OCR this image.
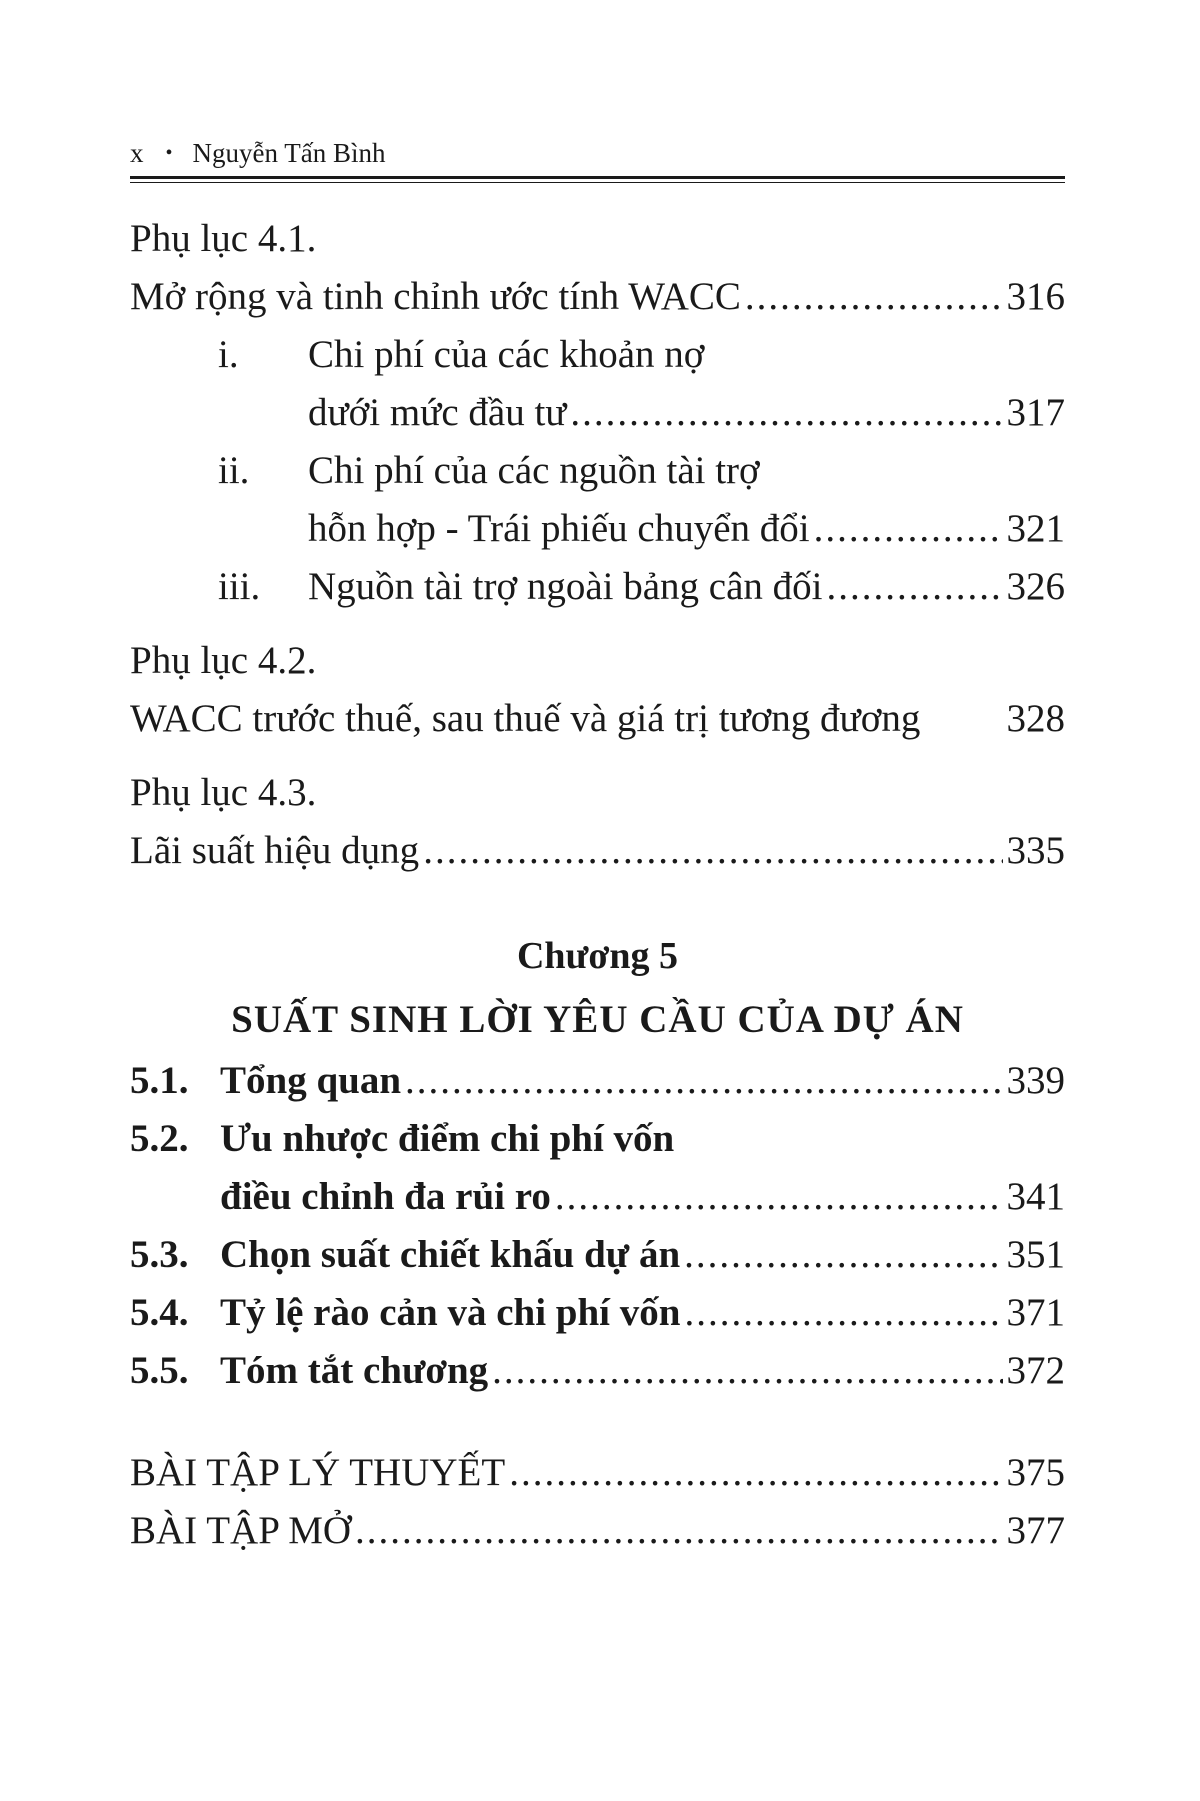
x • Nguyễn Tấn Bình
Phụ lục 4.1.
Mở rộng và tinh chỉnh ước tính WACC .....	316
i.	Chi phí của các khoản nợ
dưới mức đầu tư .....	317
ii.	Chi phí của các nguồn tài trợ
hỗn hợp - Trái phiếu chuyển đổi .....	321
iii.	Nguồn tài trợ ngoài bảng cân đối .....	326
Phụ lục 4.2.
WACC trước thuế, sau thuế và giá trị tương đương 328
Phụ lục 4.3.
Lãi suất hiệu dụng .....	335
Chương 5
SUẤT SINH LỜI YÊU CẦU CỦA DỰ ÁN
5.1. Tổng quan .....	339
5.2. Ưu nhược điểm chi phí vốn
điều chỉnh đa rủi ro .....	341
5.3. Chọn suất chiết khấu dự án .....	351
5.4. Tỷ lệ rào cản và chi phí vốn .....	371
5.5. Tóm tắt chương .....	372
BÀI TẬP LÝ THUYẾT .....	375
BÀI TẬP MỞ .....	377
